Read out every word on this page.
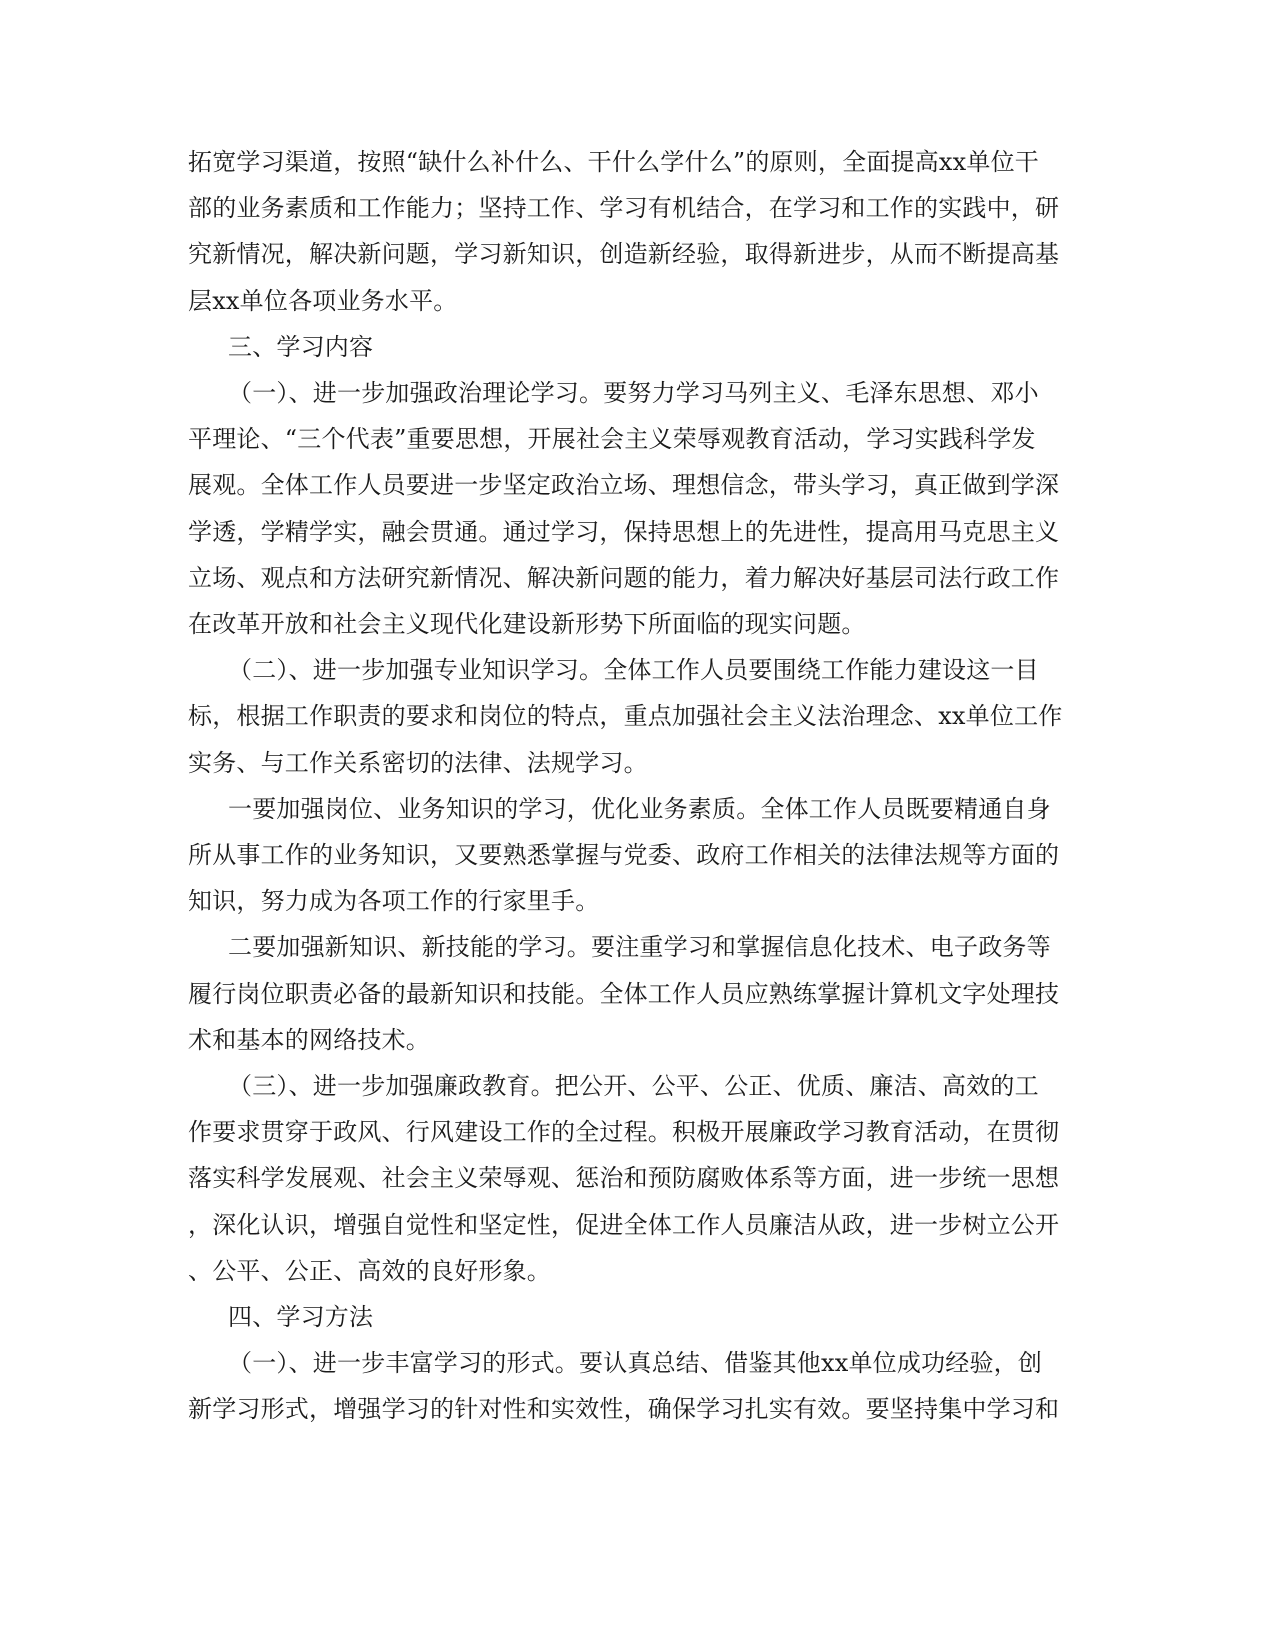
拓宽学习渠道，按照“缺什么补什么、干什么学什么”的原则，全面提高xx单位干
部的业务素质和工作能力；坚持工作、学习有机结合，在学习和工作的实践中，研
究新情况，解决新问题，学习新知识，创造新经验，取得新进步，从而不断提高基
层xx单位各项业务水平。
三、学习内容
（一）、进一步加强政治理论学习。要努力学习马列主义、毛泽东思想、邓小
平理论、“三个代表”重要思想，开展社会主义荣辱观教育活动，学习实践科学发
展观。全体工作人员要进一步坚定政治立场、理想信念，带头学习，真正做到学深
学透，学精学实，融会贯通。通过学习，保持思想上的先进性，提高用马克思主义
立场、观点和方法研究新情况、解决新问题的能力，着力解决好基层司法行政工作
在改革开放和社会主义现代化建设新形势下所面临的现实问题。
（二）、进一步加强专业知识学习。全体工作人员要围绕工作能力建设这一目
标，根据工作职责的要求和岗位的特点，重点加强社会主义法治理念、xx单位工作
实务、与工作关系密切的法律、法规学习。
一要加强岗位、业务知识的学习，优化业务素质。全体工作人员既要精通自身
所从事工作的业务知识，又要熟悉掌握与党委、政府工作相关的法律法规等方面的
知识，努力成为各项工作的行家里手。
二要加强新知识、新技能的学习。要注重学习和掌握信息化技术、电子政务等
履行岗位职责必备的最新知识和技能。全体工作人员应熟练掌握计算机文字处理技
术和基本的网络技术。
（三）、进一步加强廉政教育。把公开、公平、公正、优质、廉洁、高效的工
作要求贯穿于政风、行风建设工作的全过程。积极开展廉政学习教育活动，在贯彻
落实科学发展观、社会主义荣辱观、惩治和预防腐败体系等方面，进一步统一思想
，深化认识，增强自觉性和坚定性，促进全体工作人员廉洁从政，进一步树立公开
、公平、公正、高效的良好形象。
四、学习方法
（一）、进一步丰富学习的形式。要认真总结、借鉴其他xx单位成功经验，创
新学习形式，增强学习的针对性和实效性，确保学习扎实有效。要坚持集中学习和
